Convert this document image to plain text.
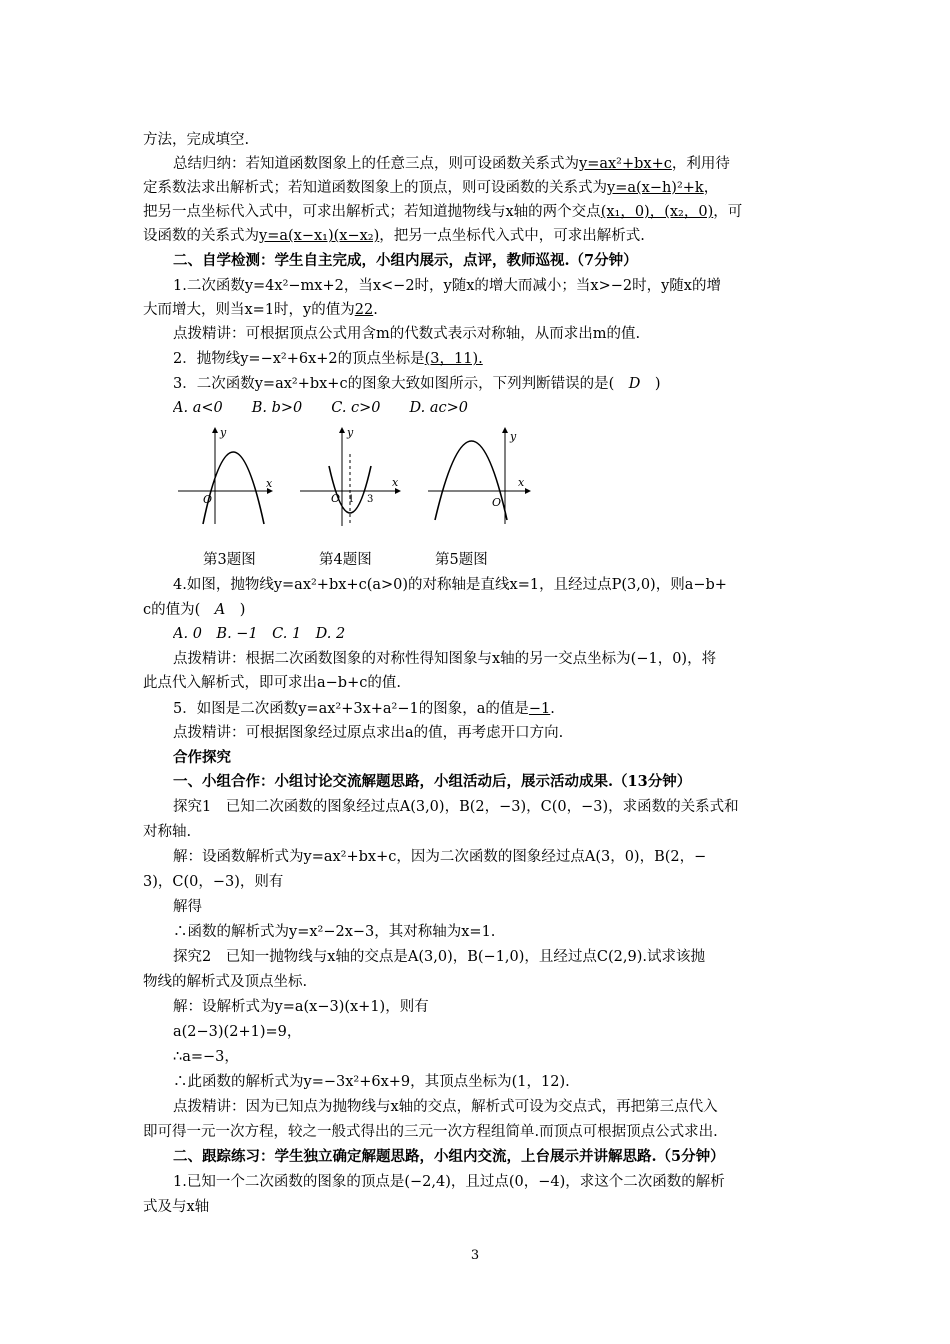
方法，完成填空.
总结归纳：若知道函数图象上的任意三点，则可设函数关系式为y=ax²+bx+c，利用待
定系数法求出解析式；若知道函数图象上的顶点，则可设函数的关系式为y=a(x−h)²+k，
把另一点坐标代入式中，可求出解析式；若知道抛物线与x轴的两个交点(x₁，0)，(x₂，0)，可
设函数的关系式为y=a(x−x₁)(x−x₂)，把另一点坐标代入式中，可求出解析式.
二、自学检测：学生自主完成，小组内展示，点评，教师巡视.（7分钟）
1.二次函数y=4x²−mx+2，当x<−2时，y随x的增大而减小；当x>−2时，y随x的增
大而增大，则当x=1时，y的值为22.
点拨精讲：可根据顶点公式用含m的代数式表示对称轴，从而求出m的值.
2．抛物线y=−x²+6x+2的顶点坐标是(3，11).
3．二次函数y=ax²+bx+c的图象大致如图所示，下列判断错误的是(　D　)
A. a<0　　B. b>0　　C. c>0　　D. ac>0
y
x
O
y
x
O 1 3
y
x
O
第3题图	第4题图	第5题图
4.如图，抛物线y=ax²+bx+c(a>0)的对称轴是直线x=1，且经过点P(3,0)，则a−b+
c的值为(　A　)
A. 0　B. −1　C. 1　D. 2
点拨精讲：根据二次函数图象的对称性得知图象与x轴的另一交点坐标为(−1，0)，将
此点代入解析式，即可求出a−b+c的值.
5．如图是二次函数y=ax²+3x+a²−1的图象，a的值是−1.
点拨精讲：可根据图象经过原点求出a的值，再考虑开口方向.
合作探究
一、小组合作：小组讨论交流解题思路，小组活动后，展示活动成果.（13分钟）
探究1　已知二次函数的图象经过点A(3,0)，B(2，−3)，C(0，−3)，求函数的关系式和
对称轴.
解：设函数解析式为y=ax²+bx+c，因为二次函数的图象经过点A(3，0)，B(2，−
3)，C(0，−3)，则有
解得
∴函数的解析式为y=x²−2x−3，其对称轴为x=1.
探究2　已知一抛物线与x轴的交点是A(3,0)，B(−1,0)，且经过点C(2,9).试求该抛
物线的解析式及顶点坐标.
解：设解析式为y=a(x−3)(x+1)，则有
a(2−3)(2+1)=9，
∴a=−3，
∴此函数的解析式为y=−3x²+6x+9，其顶点坐标为(1，12).
点拨精讲：因为已知点为抛物线与x轴的交点，解析式可设为交点式，再把第三点代入
即可得一元一次方程，较之一般式得出的三元一次方程组简单.而顶点可根据顶点公式求出.
二、跟踪练习：学生独立确定解题思路，小组内交流，上台展示并讲解思路.（5分钟）
1.已知一个二次函数的图象的顶点是(−2,4)，且过点(0，−4)，求这个二次函数的解析
式及与x轴
3
